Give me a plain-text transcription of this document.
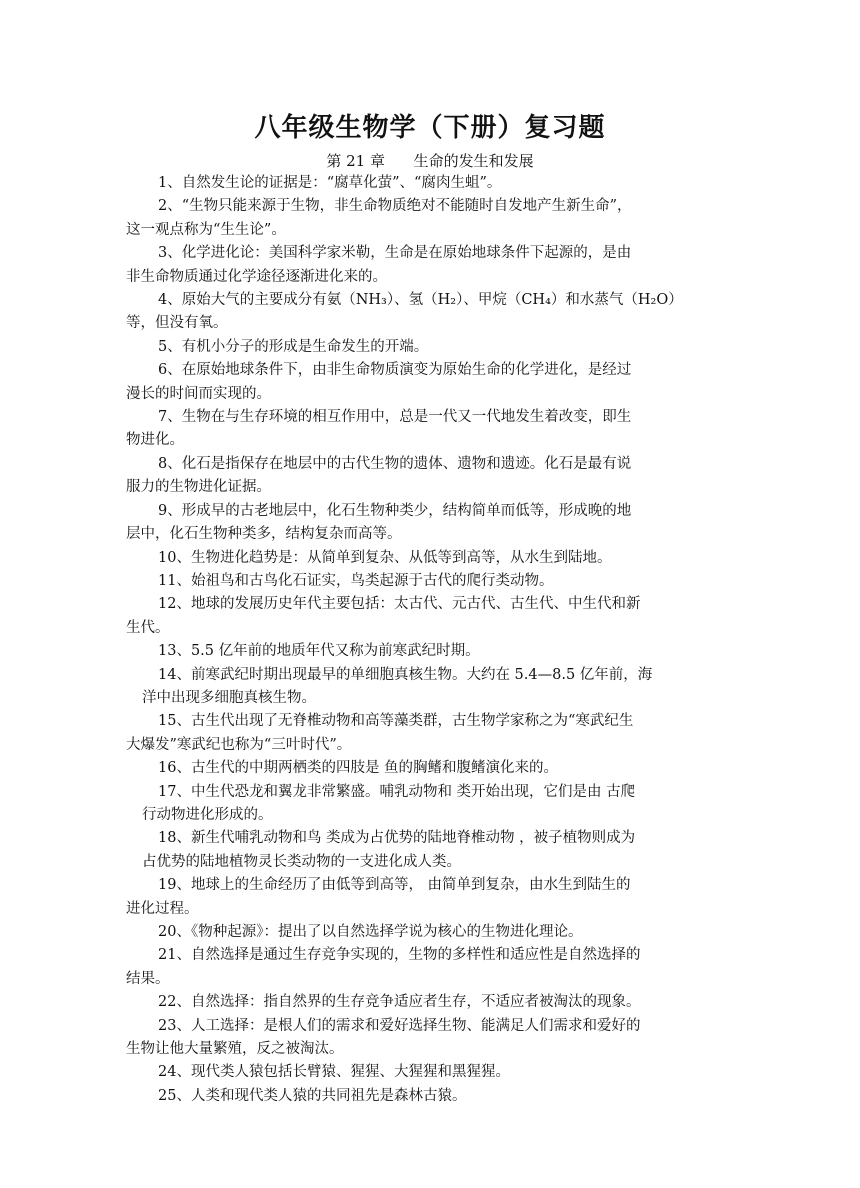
八年级生物学（下册）复习题
第 21 章      生命的发生和发展
1、自然发生论的证据是：“腐草化萤”、“腐肉生蛆”。
2、“生物只能来源于生物，非生命物质绝对不能随时自发地产生新生命”，
这一观点称为“生生论”。
3、化学进化论：美国科学家米勒，生命是在原始地球条件下起源的，是由
非生命物质通过化学途径逐渐进化来的。
4、原始大气的主要成分有氨（NH₃）、氢（H₂）、甲烷（CH₄）和水蒸气（H₂O）
等，但没有氧。
5、有机小分子的形成是生命发生的开端。
6、在原始地球条件下，由非生命物质演变为原始生命的化学进化，是经过
漫长的时间而实现的。
7、生物在与生存环境的相互作用中，总是一代又一代地发生着改变，即生
物进化。
8、化石是指保存在地层中的古代生物的遗体、遗物和遗迹。化石是最有说
服力的生物进化证据。
9、形成早的古老地层中，化石生物种类少，结构简单而低等，形成晚的地
层中，化石生物种类多，结构复杂而高等。
10、生物进化趋势是：从简单到复杂、从低等到高等，从水生到陆地。
11、始祖鸟和古鸟化石证实，鸟类起源于古代的爬行类动物。
12、地球的发展历史年代主要包括：太古代、元古代、古生代、中生代和新
生代。
13、5.5 亿年前的地质年代又称为前寒武纪时期。
14、前寒武纪时期出现最早的单细胞真核生物。大约在 5.4—8.5 亿年前，海
洋中出现多细胞真核生物。
15、古生代出现了无脊椎动物和高等藻类群，古生物学家称之为“寒武纪生
大爆发”寒武纪也称为“三叶时代”。
16、古生代的中期两栖类的四肢是 鱼的胸鳍和腹鳍演化来的。
17、中生代恐龙和翼龙非常繁盛。哺乳动物和 类开始出现，它们是由 古爬
行动物进化形成的。
18、新生代哺乳动物和鸟 类成为占优势的陆地脊椎动物 ，被子植物则成为
占优势的陆地植物灵长类动物的一支进化成人类。
19、地球上的生命经历了由低等到高等， 由简单到复杂，由水生到陆生的
进化过程。
20、《物种起源》：提出了以自然选择学说为核心的生物进化理论。
21、自然选择是通过生存竞争实现的，生物的多样性和适应性是自然选择的
结果。
22、自然选择：指自然界的生存竞争适应者生存，不适应者被淘汰的现象。
23、人工选择：是根人们的需求和爱好选择生物、能满足人们需求和爱好的
生物让他大量繁殖，反之被淘汰。
24、现代类人猿包括长臂猿、猩猩、大猩猩和黑猩猩。
25、人类和现代类人猿的共同祖先是森林古猿。
